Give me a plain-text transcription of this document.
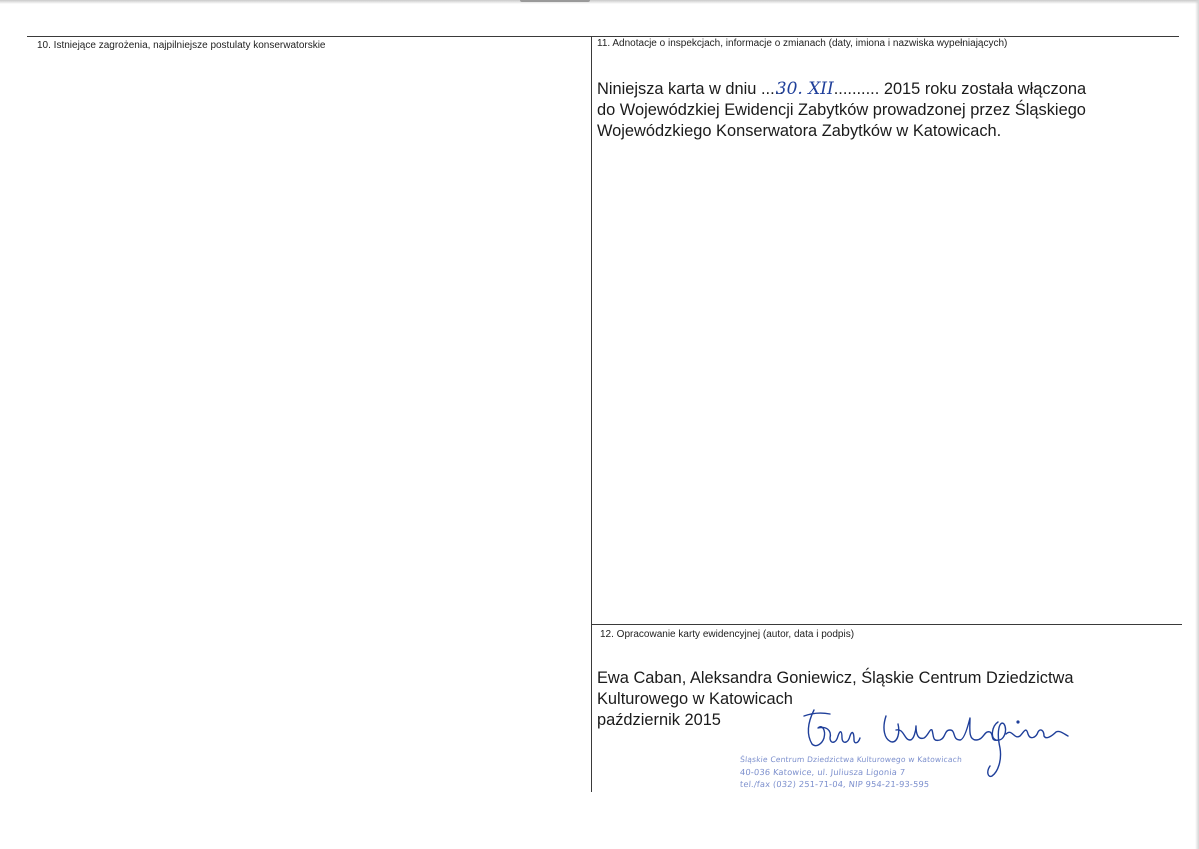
10. Istniejące zagrożenia, najpilniejsze postulaty konserwatorskie	11. Adnotacje o inspekcjach, informacje o zmianach (daty, imiona i nazwiska wypełniających)
Niniejsza karta w dniu .....30. XII.......... 2015 roku została włączona
do Wojewódzkiej Ewidencji Zabytków prowadzonej przez Śląskiego
Wojewódzkiego Konserwatora Zabytków w Katowicach.
12. Opracowanie karty ewidencyjnej (autor, data i podpis)
Ewa Caban, Aleksandra Goniewicz, Śląskie Centrum Dziedzictwa
Kulturowego w Katowicach
październik 2015
Śląskie Centrum Dziedzictwa Kulturowego w Katowicach
40-036 Katowice, ul. Juliusza Ligonia 7
tel./fax (032) 251-71-04, NIP 954-21-93-595
